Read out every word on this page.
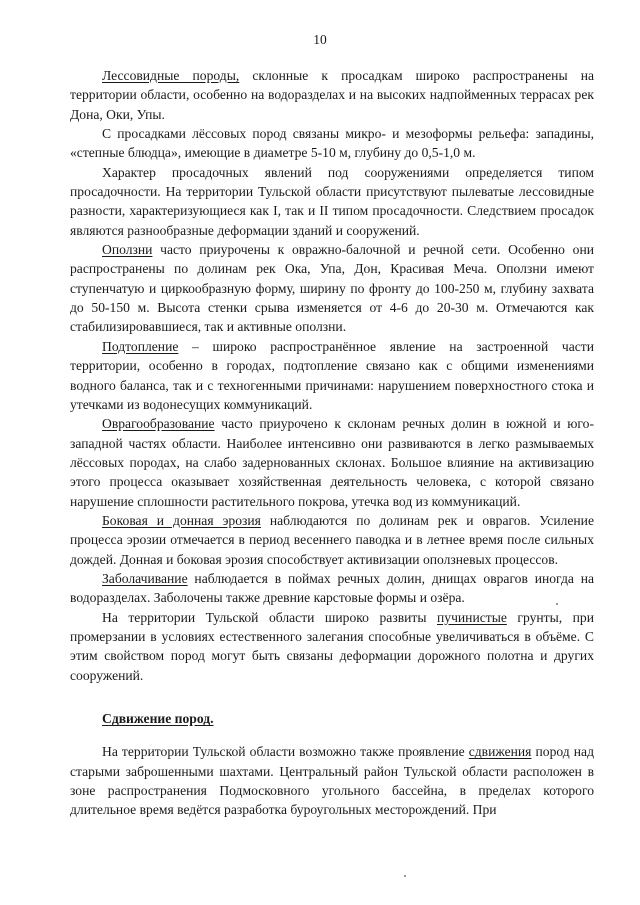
10

Лессовидные породы, склонные к просадкам широко распространены на территории области, особенно на водоразделах и на высоких надпойменных террасах рек Дона, Оки, Упы.

С просадками лёссовых пород связаны микро- и мезоформы рельефа: западины, «степные блюдца», имеющие в диаметре 5-10 м, глубину до 0,5-1,0 м.

Характер просадочных явлений под сооружениями определяется типом просадочности. На территории Тульской области присутствуют пылеватые лессовидные разности, характеризующиеся как I, так и II типом просадочности. Следствием просадок являются разнообразные деформации зданий и сооружений.

Оползни часто приурочены к овражно-балочной и речной сети. Особенно они распространены по долинам рек Ока, Упа, Дон, Красивая Меча. Оползни имеют ступенчатую и циркообразную форму, ширину по фронту до 100-250 м, глубину захвата до 50-150 м. Высота стенки срыва изменяется от 4-6 до 20-30 м. Отмечаются как стабилизировавшиеся, так и активные оползни.

Подтопление – широко распространённое явление на застроенной части территории, особенно в городах, подтопление связано как с общими изменениями водного баланса, так и с техногенными причинами: нарушением поверхностного стока и утечками из водонесущих коммуникаций.

Оврагообразование часто приурочено к склонам речных долин в южной и юго-западной частях области. Наиболее интенсивно они развиваются в легко размываемых лёссовых породах, на слабо задернованных склонах. Большое влияние на активизацию этого процесса оказывает хозяйственная деятельность человека, с которой связано нарушение сплошности растительного покрова, утечка вод из коммуникаций.

Боковая и донная эрозия наблюдаются по долинам рек и оврагов. Усиление процесса эрозии отмечается в период весеннего паводка и в летнее время после сильных дождей. Донная и боковая эрозия способствует активизации оползневых процессов.

Заболачивание наблюдается в поймах речных долин, днищах оврагов иногда на водоразделах. Заболочены также древние карстовые формы и озёра.

На территории Тульской области широко развиты пучинистые грунты, при промерзании в условиях естественного залегания способные увеличиваться в объёме. С этим свойством пород могут быть связаны деформации дорожного полотна и других сооружений.

Сдвижение пород.

На территории Тульской области возможно также проявление сдвижения пород над старыми заброшенными шахтами. Центральный район Тульской области расположен в зоне распространения Подмосковного угольного бассейна, в пределах которого длительное время ведётся разработка буроугольных месторождений. При
